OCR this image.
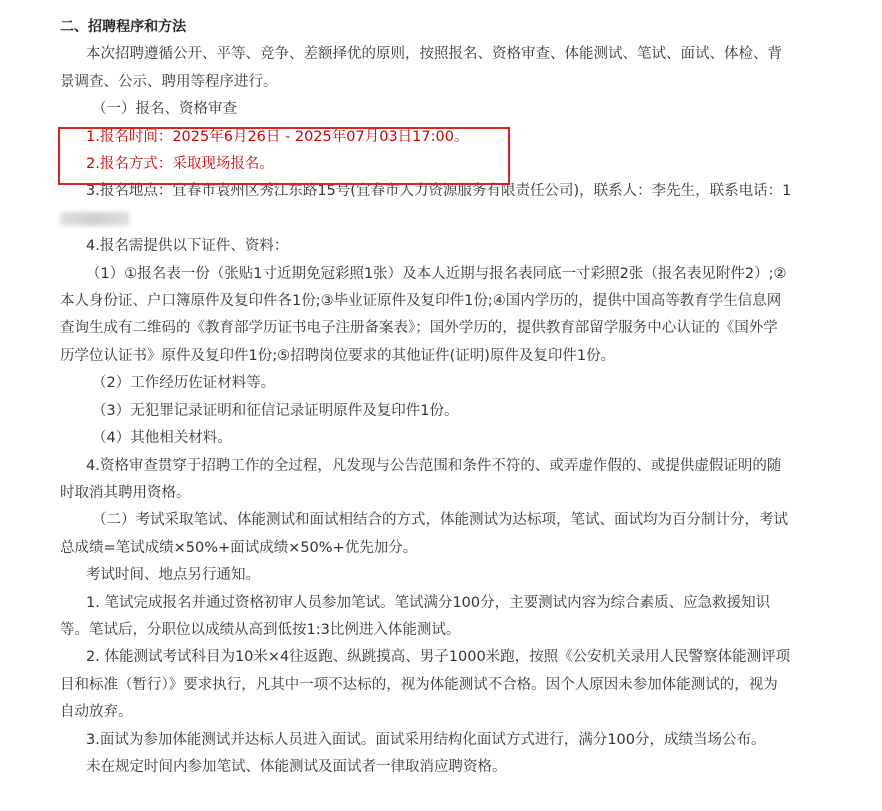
二、招聘程序和方法

本次招聘遵循公开、平等、竞争、差额择优的原则，按照报名、资格审查、体能测试、笔试、面试、体检、背

景调查、公示、聘用等程序进行。

（一）报名、资格审查

1.报名时间：2025年6月26日 - 2025年07月03日17:00。

2.报名方式：采取现场报名。

3.报名地点：宜春市袁州区秀江东路15号(宜春市人力资源服务有限责任公司)，联系人：李先生，联系电话：1

4.报名需提供以下证件、资料：

（1）①报名表一份（张贴1寸近期免冠彩照1张）及本人近期与报名表同底一寸彩照2张（报名表见附件2）;②

本人身份证、户口簿原件及复印件各1份;③毕业证原件及复印件1份;④国内学历的，提供中国高等教育学生信息网

查询生成有二维码的《教育部学历证书电子注册备案表》；国外学历的，提供教育部留学服务中心认证的《国外学

历学位认证书》原件及复印件1份;⑤招聘岗位要求的其他证件(证明)原件及复印件1份。

（2）工作经历佐证材料等。

（3）无犯罪记录证明和征信记录证明原件及复印件1份。

（4）其他相关材料。

4.资格审查贯穿于招聘工作的全过程，凡发现与公告范围和条件不符的、或弄虚作假的、或提供虚假证明的随

时取消其聘用资格。

（二）考试采取笔试、体能测试和面试相结合的方式，体能测试为达标项，笔试、面试均为百分制计分，考试

总成绩=笔试成绩×50%+面试成绩×50%+优先加分。

考试时间、地点另行通知。

1. 笔试完成报名并通过资格初审人员参加笔试。笔试满分100分，主要测试内容为综合素质、应急救援知识

等。笔试后，分职位以成绩从高到低按1:3比例进入体能测试。

2. 体能测试考试科目为10米×4往返跑、纵跳摸高、男子1000米跑，按照《公安机关录用人民警察体能测评项

目和标准（暂行）》要求执行，凡其中一项不达标的，视为体能测试不合格。因个人原因未参加体能测试的，视为

自动放弃。

3.面试为参加体能测试并达标人员进入面试。面试采用结构化面试方式进行，满分100分，成绩当场公布。

未在规定时间内参加笔试、体能测试及面试者一律取消应聘资格。
